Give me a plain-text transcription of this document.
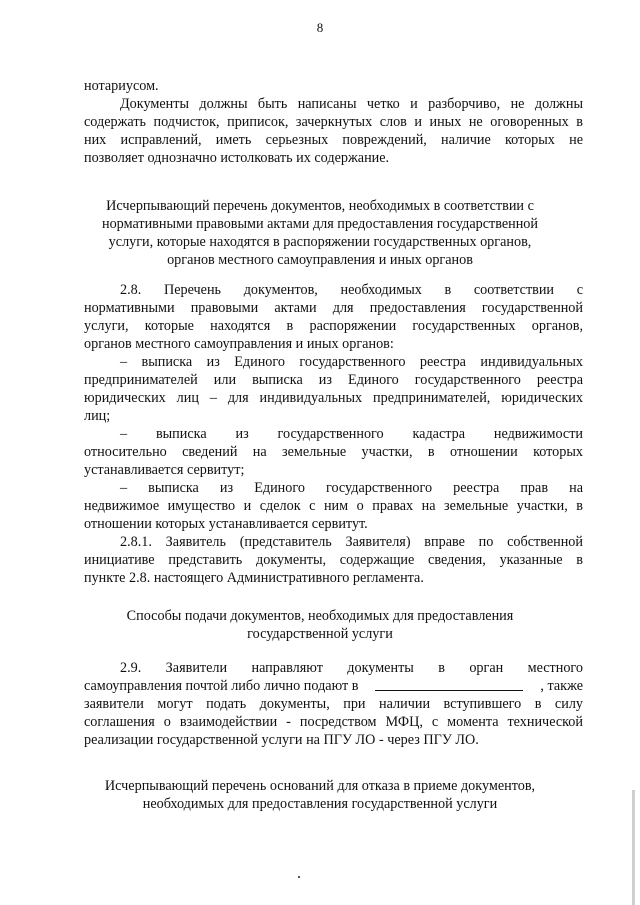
8
нотариусом.
Документы должны быть написаны четко и разборчиво, не должны
содержать подчисток, приписок, зачеркнутых слов и иных не оговоренных в
них исправлений, иметь серьезных повреждений, наличие которых не
позволяет однозначно истолковать их содержание.
Исчерпывающий перечень документов, необходимых в соответствии с
нормативными правовыми актами для предоставления государственной
услуги, которые находятся в распоряжении государственных органов,
органов местного самоуправления и иных органов
2.8. Перечень документов, необходимых в соответствии с
нормативными правовыми актами для предоставления государственной
услуги, которые находятся в распоряжении государственных органов,
органов местного самоуправления и иных органов:
– выписка из Единого государственного реестра индивидуальных
предпринимателей или выписка из Единого государственного реестра
юридических лиц – для индивидуальных предпринимателей, юридических
лиц;
– выписка из государственного кадастра недвижимости
относительно сведений на земельные участки, в отношении которых
устанавливается сервитут;
– выписка из Единого государственного реестра прав на
недвижимое имущество и сделок с ним о правах на земельные участки, в
отношении которых устанавливается сервитут.
2.8.1. Заявитель (представитель Заявителя) вправе по собственной
инициативе представить документы, содержащие сведения, указанные в
пункте 2.8. настоящего Административного регламента.
Способы подачи документов, необходимых для предоставления
государственной услуги
2.9. Заявители направляют документы в орган местного
самоуправления почтой либо лично подают в	, также
заявители могут подать документы, при наличии вступившего в силу
соглашения о взаимодействии - посредством МФЦ, с момента технической
реализации государственной услуги на ПГУ ЛО - через ПГУ ЛО.
Исчерпывающий перечень оснований для отказа в приеме документов,
необходимых для предоставления государственной услуги
